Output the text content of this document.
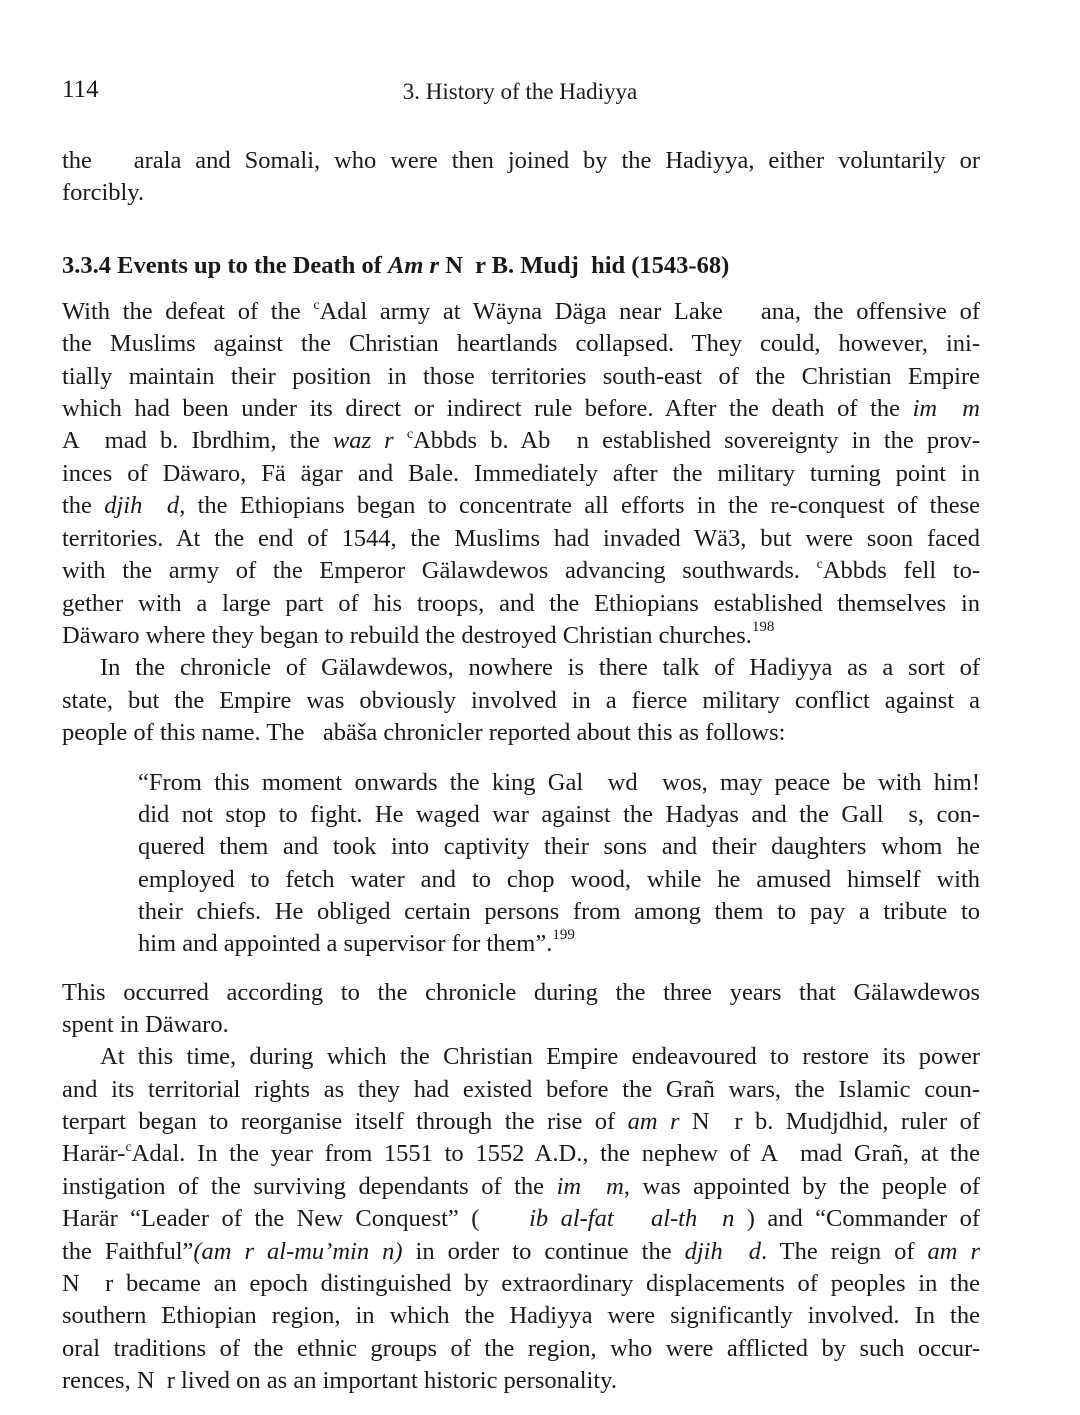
114	3. History of the Hadiyya
the   arala and Somali, who were then joined by the Hadiyya, either voluntarily or
forcibly.
3.3.4 Events up to the Death of Am r N  r B. Mudj  hid (1543-68)
With the defeat of the $^c$Adal army at Wäyna Däga near Lake   ana, the offensive of
the Muslims against the Christian heartlands collapsed. They could, however, ini-
tially maintain their position in those territories south-east of the Christian Empire
which had been under its direct or indirect rule before. After the death of the im  m
A  mad b. Ibrdhim, the waz r $^c$Abbds b. Ab  n established sovereignty in the prov-
inces of Däwaro, Fä ägar and Bale. Immediately after the military turning point in
the djih  d, the Ethiopians began to concentrate all efforts in the re-conquest of these
territories. At the end of 1544, the Muslims had invaded Wä3, but were soon faced
with the army of the Emperor Gälawdewos advancing southwards. $^c$Abbds fell to-
gether with a large part of his troops, and the Ethiopians established themselves in
Däwaro where they began to rebuild the destroyed Christian churches.$^{198}$
In the chronicle of Gälawdewos, nowhere is there talk of Hadiyya as a sort of
state, but the Empire was obviously involved in a fierce military conflict against a
people of this name. The   abäša chronicler reported about this as follows:
“From this moment onwards the king Gal  wd  wos, may peace be with him!
did not stop to fight. He waged war against the Hadyas and the Gall  s, con-
quered them and took into captivity their sons and their daughters whom he
employed to fetch water and to chop wood, while he amused himself with
their chiefs. He obliged certain persons from among them to pay a tribute to
him and appointed a supervisor for them”.$^{199}$
This occurred according to the chronicle during the three years that Gälawdewos
spent in Däwaro.
At this time, during which the Christian Empire endeavoured to restore its power
and its territorial rights as they had existed before the Grañ wars, the Islamic coun-
terpart began to reorganise itself through the rise of am r N  r b. Mudjdhid, ruler of
Harär-$^c$Adal. In the year from 1551 to 1552 A.D., the nephew of A  mad Grañ, at the
instigation of the surviving dependants of the im  m, was appointed by the people of
Harär “Leader of the New Conquest” (    ib al-fat   al-th  n ) and “Commander of
the Faithful”(am r al-mu’min n) in order to continue the djih  d. The reign of am r
N  r became an epoch distinguished by extraordinary displacements of peoples in the
southern Ethiopian region, in which the Hadiyya were significantly involved. In the
oral traditions of the ethnic groups of the region, who were afflicted by such occur-
rences, N  r lived on as an important historic personality.
